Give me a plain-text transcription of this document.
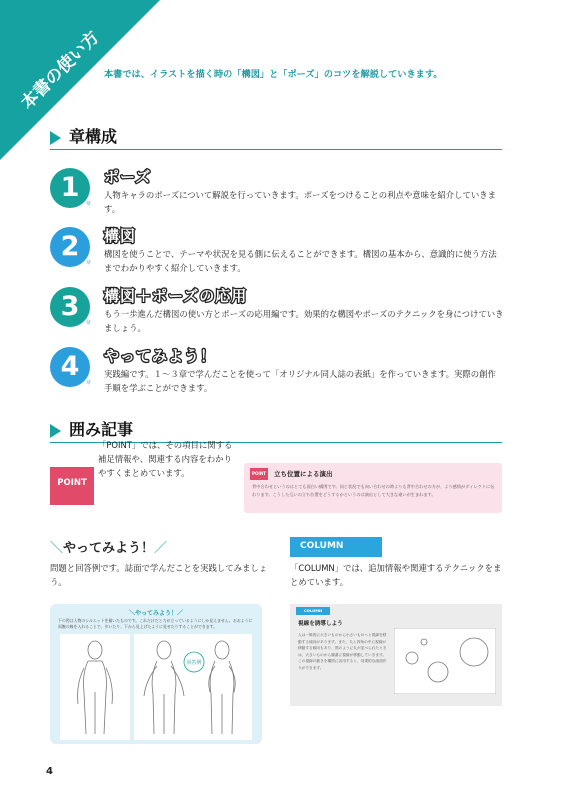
本書の使い方 本書では、イラストを描く時の「構図」と「ポーズ」のコツを解説していきます。
章構成
1
章
ポーズ
人物キャラのポーズについて解説を行っていきます。ポーズをつけることの利点や意味を紹介していきます。
2
章
構図
構図を使うことで、テーマや状況を見る側に伝えることができます。構図の基本から、意識的に使う方法までわかりやすく紹介していきます。
3
章
構図＋ポーズの応用
もう一歩進んだ構図の使い方とポーズの応用編です。効果的な構図やポーズのテクニックを身につけていきましょう。
4
章
やってみよう！
実践編です。１～３章で学んだことを使って「オリジナル同人誌の表紙」を作っていきます。実際の創作手順を学ぶことができます。
囲み記事
POINT
「POINT」では、その項目に関する補足情報や、関連する内容をわかりやすくまとめています。	POINT	立ち位置による演出
背中合わせというのはとても面白い構図です。同じ状況でも向い合わせの時よりも背中合わせの方が、より感情がダイレクトに伝わります。こうした互いの立ち位置をどうするかというのは演出として大きな違いが生まれます。
＼やってみよう！／
問題と回答例です。誌面で学んだことを実践してみましょう。
COLUMN
「COLUMN」では、追加情報や関連するテクニックをまとめています。
＼やってみよう！／
下の図は人物のシルエットを描いたものです。これだけだと力が立っているようにしか見えません。おおように両腕の線を入れることで、歩いたり、下から見上げたように見せたりすることができます。
回答例
COLUMN
視線を誘導しよう
人は一般的に大きいものから小さいものへと視線を移動する傾向があります。また、丸と四角の中に視線が移動する傾向もあり、図のように丸が並べられたときは、大きいものから順番に視線が移動していきます。この視線の動きを構図に活用すると、効果的な画面作りができます。
4
